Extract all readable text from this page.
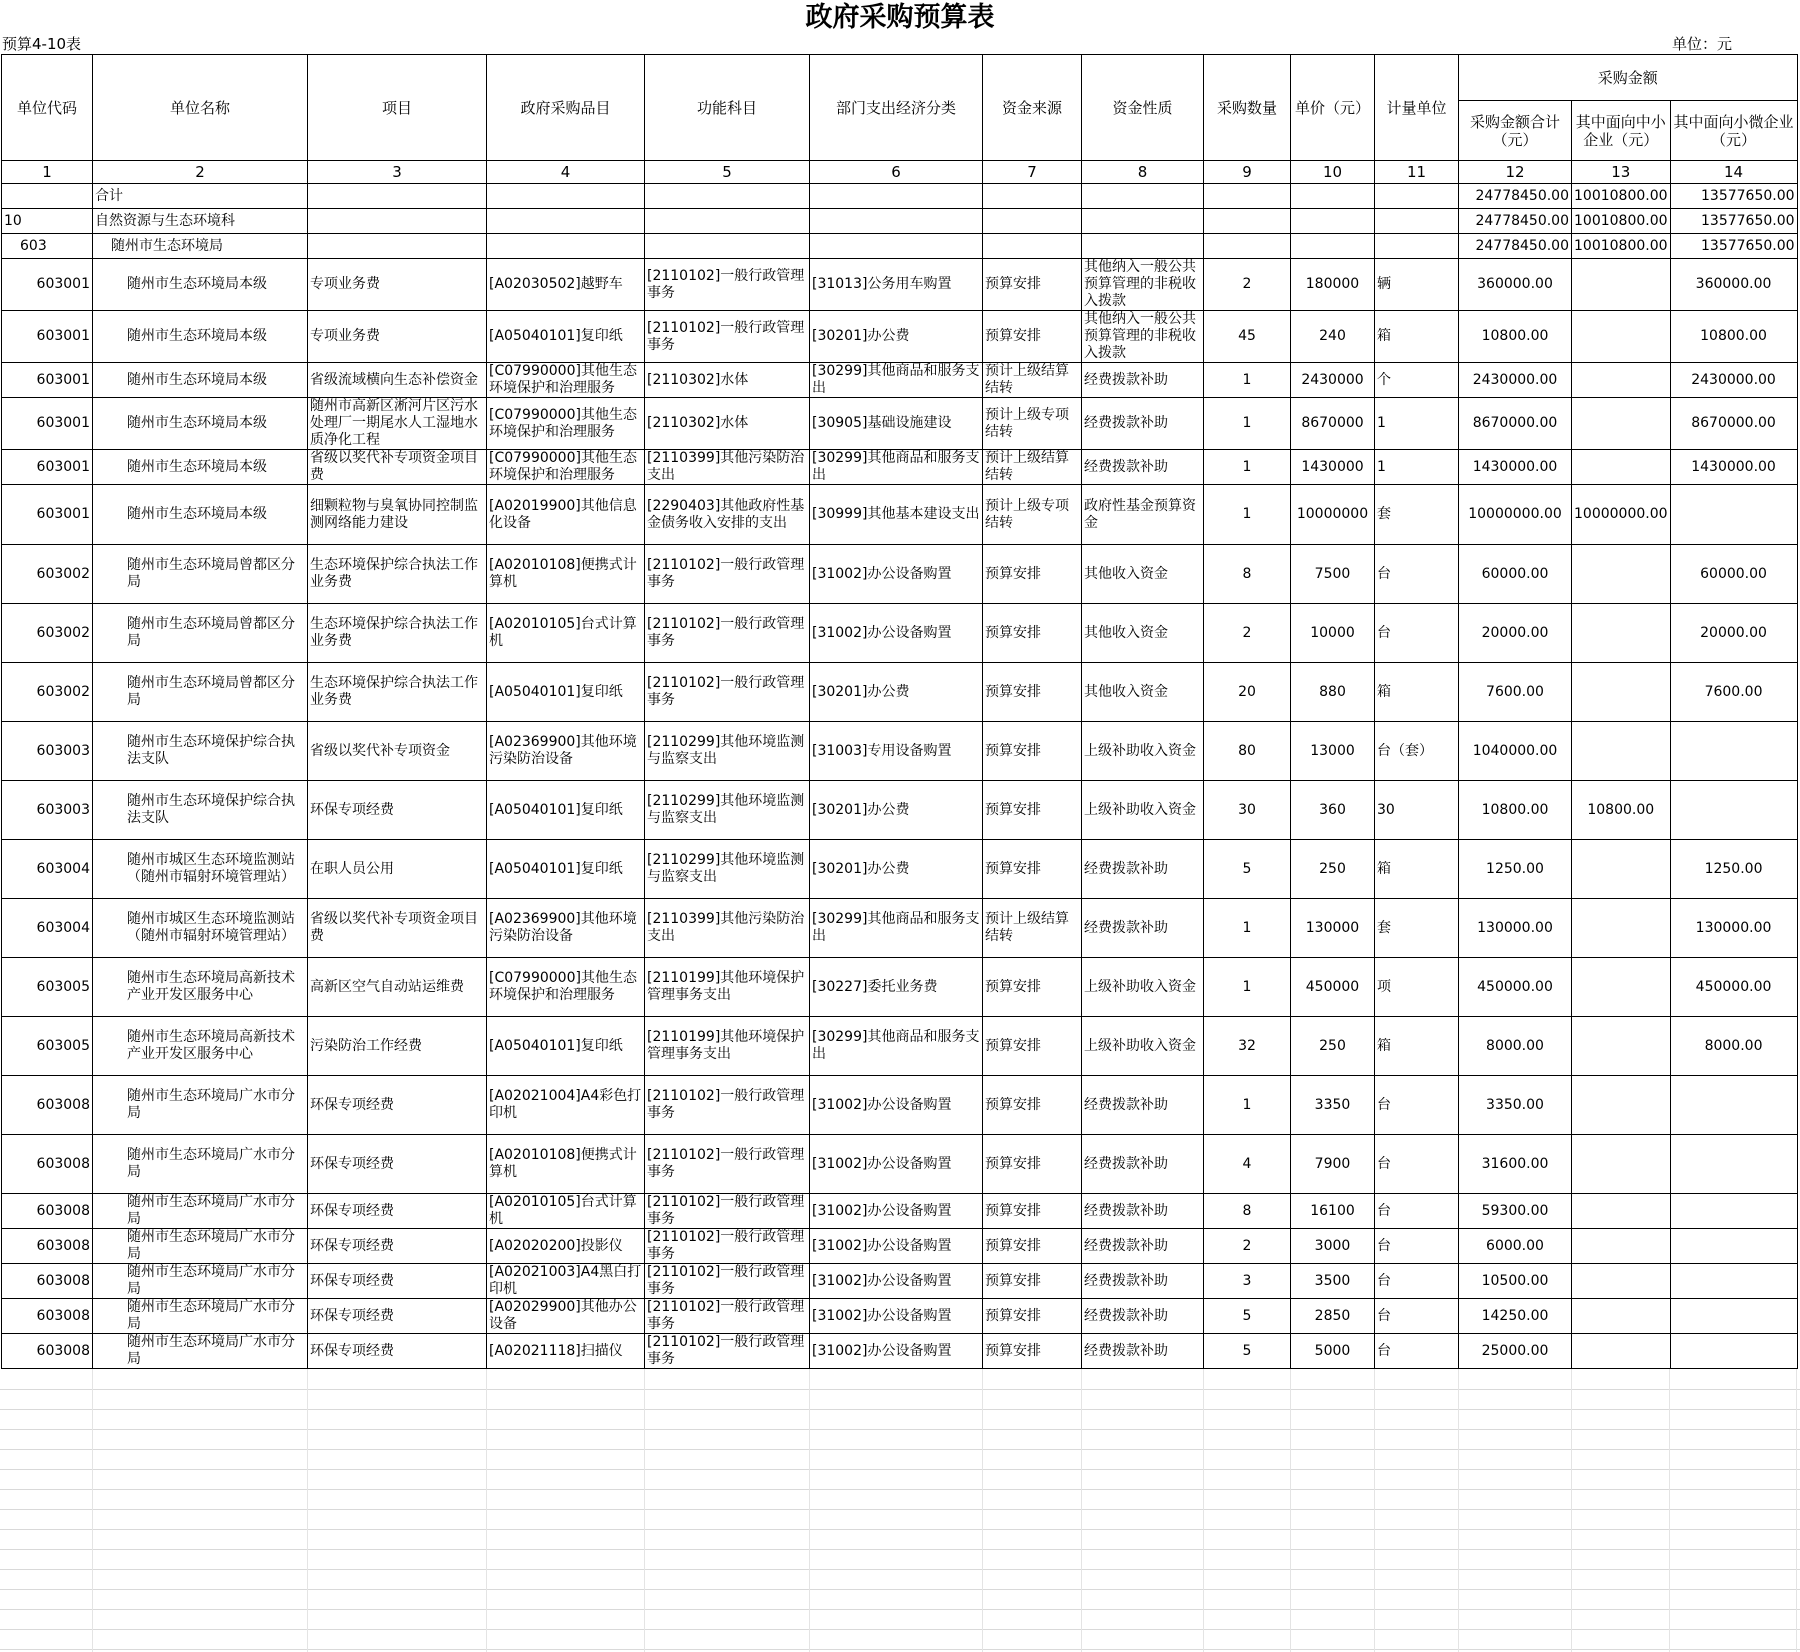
政府采购预算表
预算4-10表	单位：元
单位代码	单位名称	项目	政府采购品目	功能科目	部门支出经济分类	资金来源	资金性质	采购数量	单价（元）	计量单位	采购金额		
											采购金额合计（元）	其中面向中小企业（元）	其中面向小微企业（元）
1	2	3	4	5	6	7	8	9	10	11	12	13	14
	合计										24778450.00	10010800.00	13577650.00
10	自然资源与生态环境科										24778450.00	10010800.00	13577650.00
603	随州市生态环境局										24778450.00	10010800.00	13577650.00
603001	随州市生态环境局本级	专项业务费	[A02030502]越野车	[2110102]一般行政管理事务	[31013]公务用车购置	预算安排	其他纳入一般公共预算管理的非税收入拨款	2	180000	辆	360000.00		360000.00
603001	随州市生态环境局本级	专项业务费	[A05040101]复印纸	[2110102]一般行政管理事务	[30201]办公费	预算安排	其他纳入一般公共预算管理的非税收入拨款	45	240	箱	10800.00		10800.00
603001	随州市生态环境局本级	省级流域横向生态补偿资金	[C07990000]其他生态环境保护和治理服务	[2110302]水体	[30299]其他商品和服务支出	预计上级结算结转	经费拨款补助	1	2430000	个	2430000.00		2430000.00
603001	随州市生态环境局本级	随州市高新区淅河片区污水处理厂一期尾水人工湿地水质净化工程	[C07990000]其他生态环境保护和治理服务	[2110302]水体	[30905]基础设施建设	预计上级专项结转	经费拨款补助	1	8670000	1	8670000.00		8670000.00
603001	随州市生态环境局本级	省级以奖代补专项资金项目费	[C07990000]其他生态环境保护和治理服务	[2110399]其他污染防治支出	[30299]其他商品和服务支出	预计上级结算结转	经费拨款补助	1	1430000	1	1430000.00		1430000.00
603001	随州市生态环境局本级	细颗粒物与臭氧协同控制监测网络能力建设	[A02019900]其他信息化设备	[2290403]其他政府性基金债务收入安排的支出	[30999]其他基本建设支出	预计上级专项结转	政府性基金预算资金	1	10000000	套	10000000.00	10000000.00	
603002	随州市生态环境局曾都区分局	生态环境保护综合执法工作业务费	[A02010108]便携式计算机	[2110102]一般行政管理事务	[31002]办公设备购置	预算安排	其他收入资金	8	7500	台	60000.00		60000.00
603002	随州市生态环境局曾都区分局	生态环境保护综合执法工作业务费	[A02010105]台式计算机	[2110102]一般行政管理事务	[31002]办公设备购置	预算安排	其他收入资金	2	10000	台	20000.00		20000.00
603002	随州市生态环境局曾都区分局	生态环境保护综合执法工作业务费	[A05040101]复印纸	[2110102]一般行政管理事务	[30201]办公费	预算安排	其他收入资金	20	880	箱	7600.00		7600.00
603003	随州市生态环境保护综合执法支队	省级以奖代补专项资金	[A02369900]其他环境污染防治设备	[2110299]其他环境监测与监察支出	[31003]专用设备购置	预算安排	上级补助收入资金	80	13000	台（套）	1040000.00		
603003	随州市生态环境保护综合执法支队	环保专项经费	[A05040101]复印纸	[2110299]其他环境监测与监察支出	[30201]办公费	预算安排	上级补助收入资金	30	360	30	10800.00	10800.00	
603004	随州市城区生态环境监测站（随州市辐射环境管理站）	在职人员公用	[A05040101]复印纸	[2110299]其他环境监测与监察支出	[30201]办公费	预算安排	经费拨款补助	5	250	箱	1250.00		1250.00
603004	随州市城区生态环境监测站（随州市辐射环境管理站）	省级以奖代补专项资金项目费	[A02369900]其他环境污染防治设备	[2110399]其他污染防治支出	[30299]其他商品和服务支出	预计上级结算结转	经费拨款补助	1	130000	套	130000.00		130000.00
603005	随州市生态环境局高新技术产业开发区服务中心	高新区空气自动站运维费	[C07990000]其他生态环境保护和治理服务	[2110199]其他环境保护管理事务支出	[30227]委托业务费	预算安排	上级补助收入资金	1	450000	项	450000.00		450000.00
603005	随州市生态环境局高新技术产业开发区服务中心	污染防治工作经费	[A05040101]复印纸	[2110199]其他环境保护管理事务支出	[30299]其他商品和服务支出	预算安排	上级补助收入资金	32	250	箱	8000.00		8000.00
603008	随州市生态环境局广水市分局	环保专项经费	[A02021004]A4彩色打印机	[2110102]一般行政管理事务	[31002]办公设备购置	预算安排	经费拨款补助	1	3350	台	3350.00		
603008	随州市生态环境局广水市分局	环保专项经费	[A02010108]便携式计算机	[2110102]一般行政管理事务	[31002]办公设备购置	预算安排	经费拨款补助	4	7900	台	31600.00		
603008	随州市生态环境局广水市分局	环保专项经费	[A02010105]台式计算机	[2110102]一般行政管理事务	[31002]办公设备购置	预算安排	经费拨款补助	8	16100	台	59300.00		
603008	随州市生态环境局广水市分局	环保专项经费	[A02020200]投影仪	[2110102]一般行政管理事务	[31002]办公设备购置	预算安排	经费拨款补助	2	3000	台	6000.00		
603008	随州市生态环境局广水市分局	环保专项经费	[A02021003]A4黑白打印机	[2110102]一般行政管理事务	[31002]办公设备购置	预算安排	经费拨款补助	3	3500	台	10500.00		
603008	随州市生态环境局广水市分局	环保专项经费	[A02029900]其他办公设备	[2110102]一般行政管理事务	[31002]办公设备购置	预算安排	经费拨款补助	5	2850	台	14250.00		
603008	随州市生态环境局广水市分局	环保专项经费	[A02021118]扫描仪	[2110102]一般行政管理事务	[31002]办公设备购置	预算安排	经费拨款补助	5	5000	台	25000.00		
